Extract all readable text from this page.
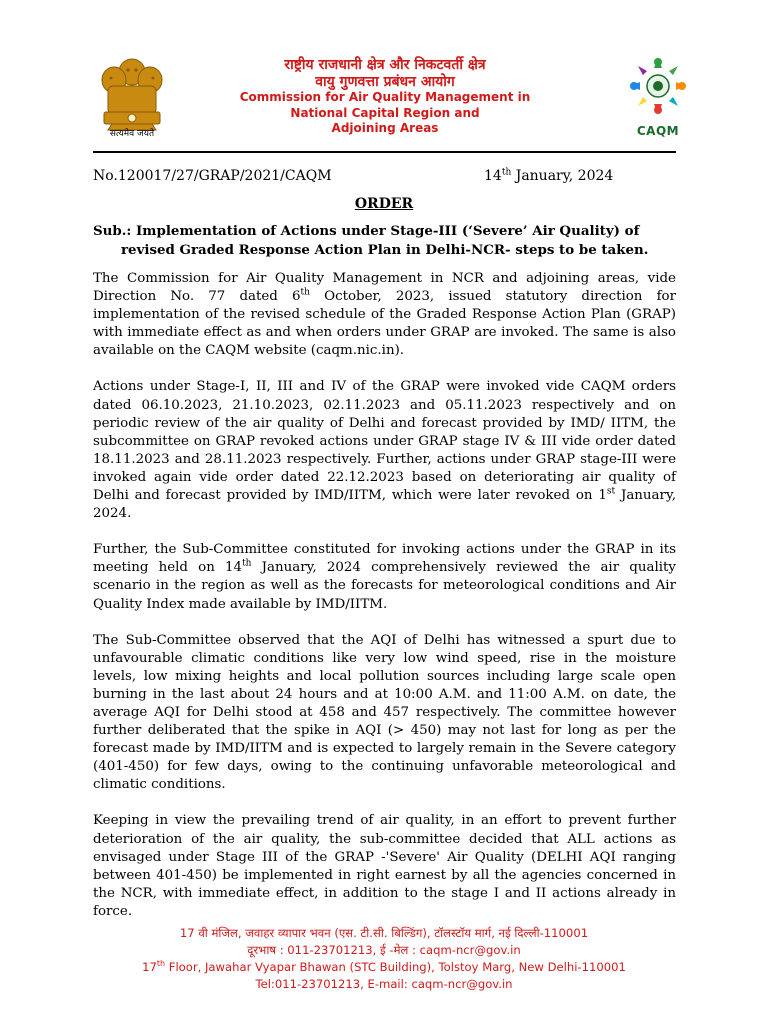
सत्यमेव जयते
राष्ट्रीय राजधानी क्षेत्र और निकटवर्ती क्षेत्र
वायु गुणवत्ता प्रबंधन आयोग
Commission for Air Quality Management in
National Capital Region and
Adjoining Areas	CAQM
No.120017/27/GRAP/2021/CAQM	14th January, 2024
ORDER
Sub.: Implementation of Actions under Stage-III (‘Severe’ Air Quality) of
revised Graded Response Action Plan in Delhi-NCR- steps to be taken.

The Commission for Air Quality Management in NCR and adjoining areas, vide Direction No. 77 dated 6th October, 2023, issued statutory direction for implementation of the revised schedule of the Graded Response Action Plan (GRAP) with immediate effect as and when orders under GRAP are invoked. The same is also available on the CAQM website (caqm.nic.in).

Actions under Stage-I, II, III and IV of the GRAP were invoked vide CAQM orders dated 06.10.2023, 21.10.2023, 02.11.2023 and 05.11.2023 respectively and on periodic review of the air quality of Delhi and forecast provided by IMD/ IITM, the subcommittee on GRAP revoked actions under GRAP stage IV & III vide order dated 18.11.2023 and 28.11.2023 respectively. Further, actions under GRAP stage-III were invoked again vide order dated 22.12.2023 based on deteriorating air quality of Delhi and forecast provided by IMD/IITM, which were later revoked on 1st January, 2024.

Further, the Sub-Committee constituted for invoking actions under the GRAP in its meeting held on 14th January, 2024 comprehensively reviewed the air quality scenario in the region as well as the forecasts for meteorological conditions and Air Quality Index made available by IMD/IITM.

The Sub-Committee observed that the AQI of Delhi has witnessed a spurt due to unfavourable climatic conditions like very low wind speed, rise in the moisture levels, low mixing heights and local pollution sources including large scale open burning in the last about 24 hours and at 10:00 A.M. and 11:00 A.M. on date, the average AQI for Delhi stood at 458 and 457 respectively. The committee however further deliberated that the spike in AQI (> 450) may not last for long as per the forecast made by IMD/IITM and is expected to largely remain in the Severe category (401-450) for few days, owing to the continuing unfavorable meteorological and climatic conditions.

Keeping in view the prevailing trend of air quality, in an effort to prevent further deterioration of the air quality, the sub-committee decided that ALL actions as envisaged under Stage III of the GRAP -'Severe' Air Quality (DELHI AQI ranging between 401-450) be implemented in right earnest by all the agencies concerned in the NCR, with immediate effect, in addition to the stage I and II actions already in force.

17 वी मंजिल, जवाहर व्यापार भवन (एस. टी.सी. बिल्डिंग), टॉलस्टॉय मार्ग, नई दिल्ली-110001
दूरभाष : 011-23701213, ई -मेल : caqm-ncr@gov.in
17th Floor, Jawahar Vyapar Bhawan (STC Building), Tolstoy Marg, New Delhi-110001
Tel:011-23701213, E-mail: caqm-ncr@gov.in
